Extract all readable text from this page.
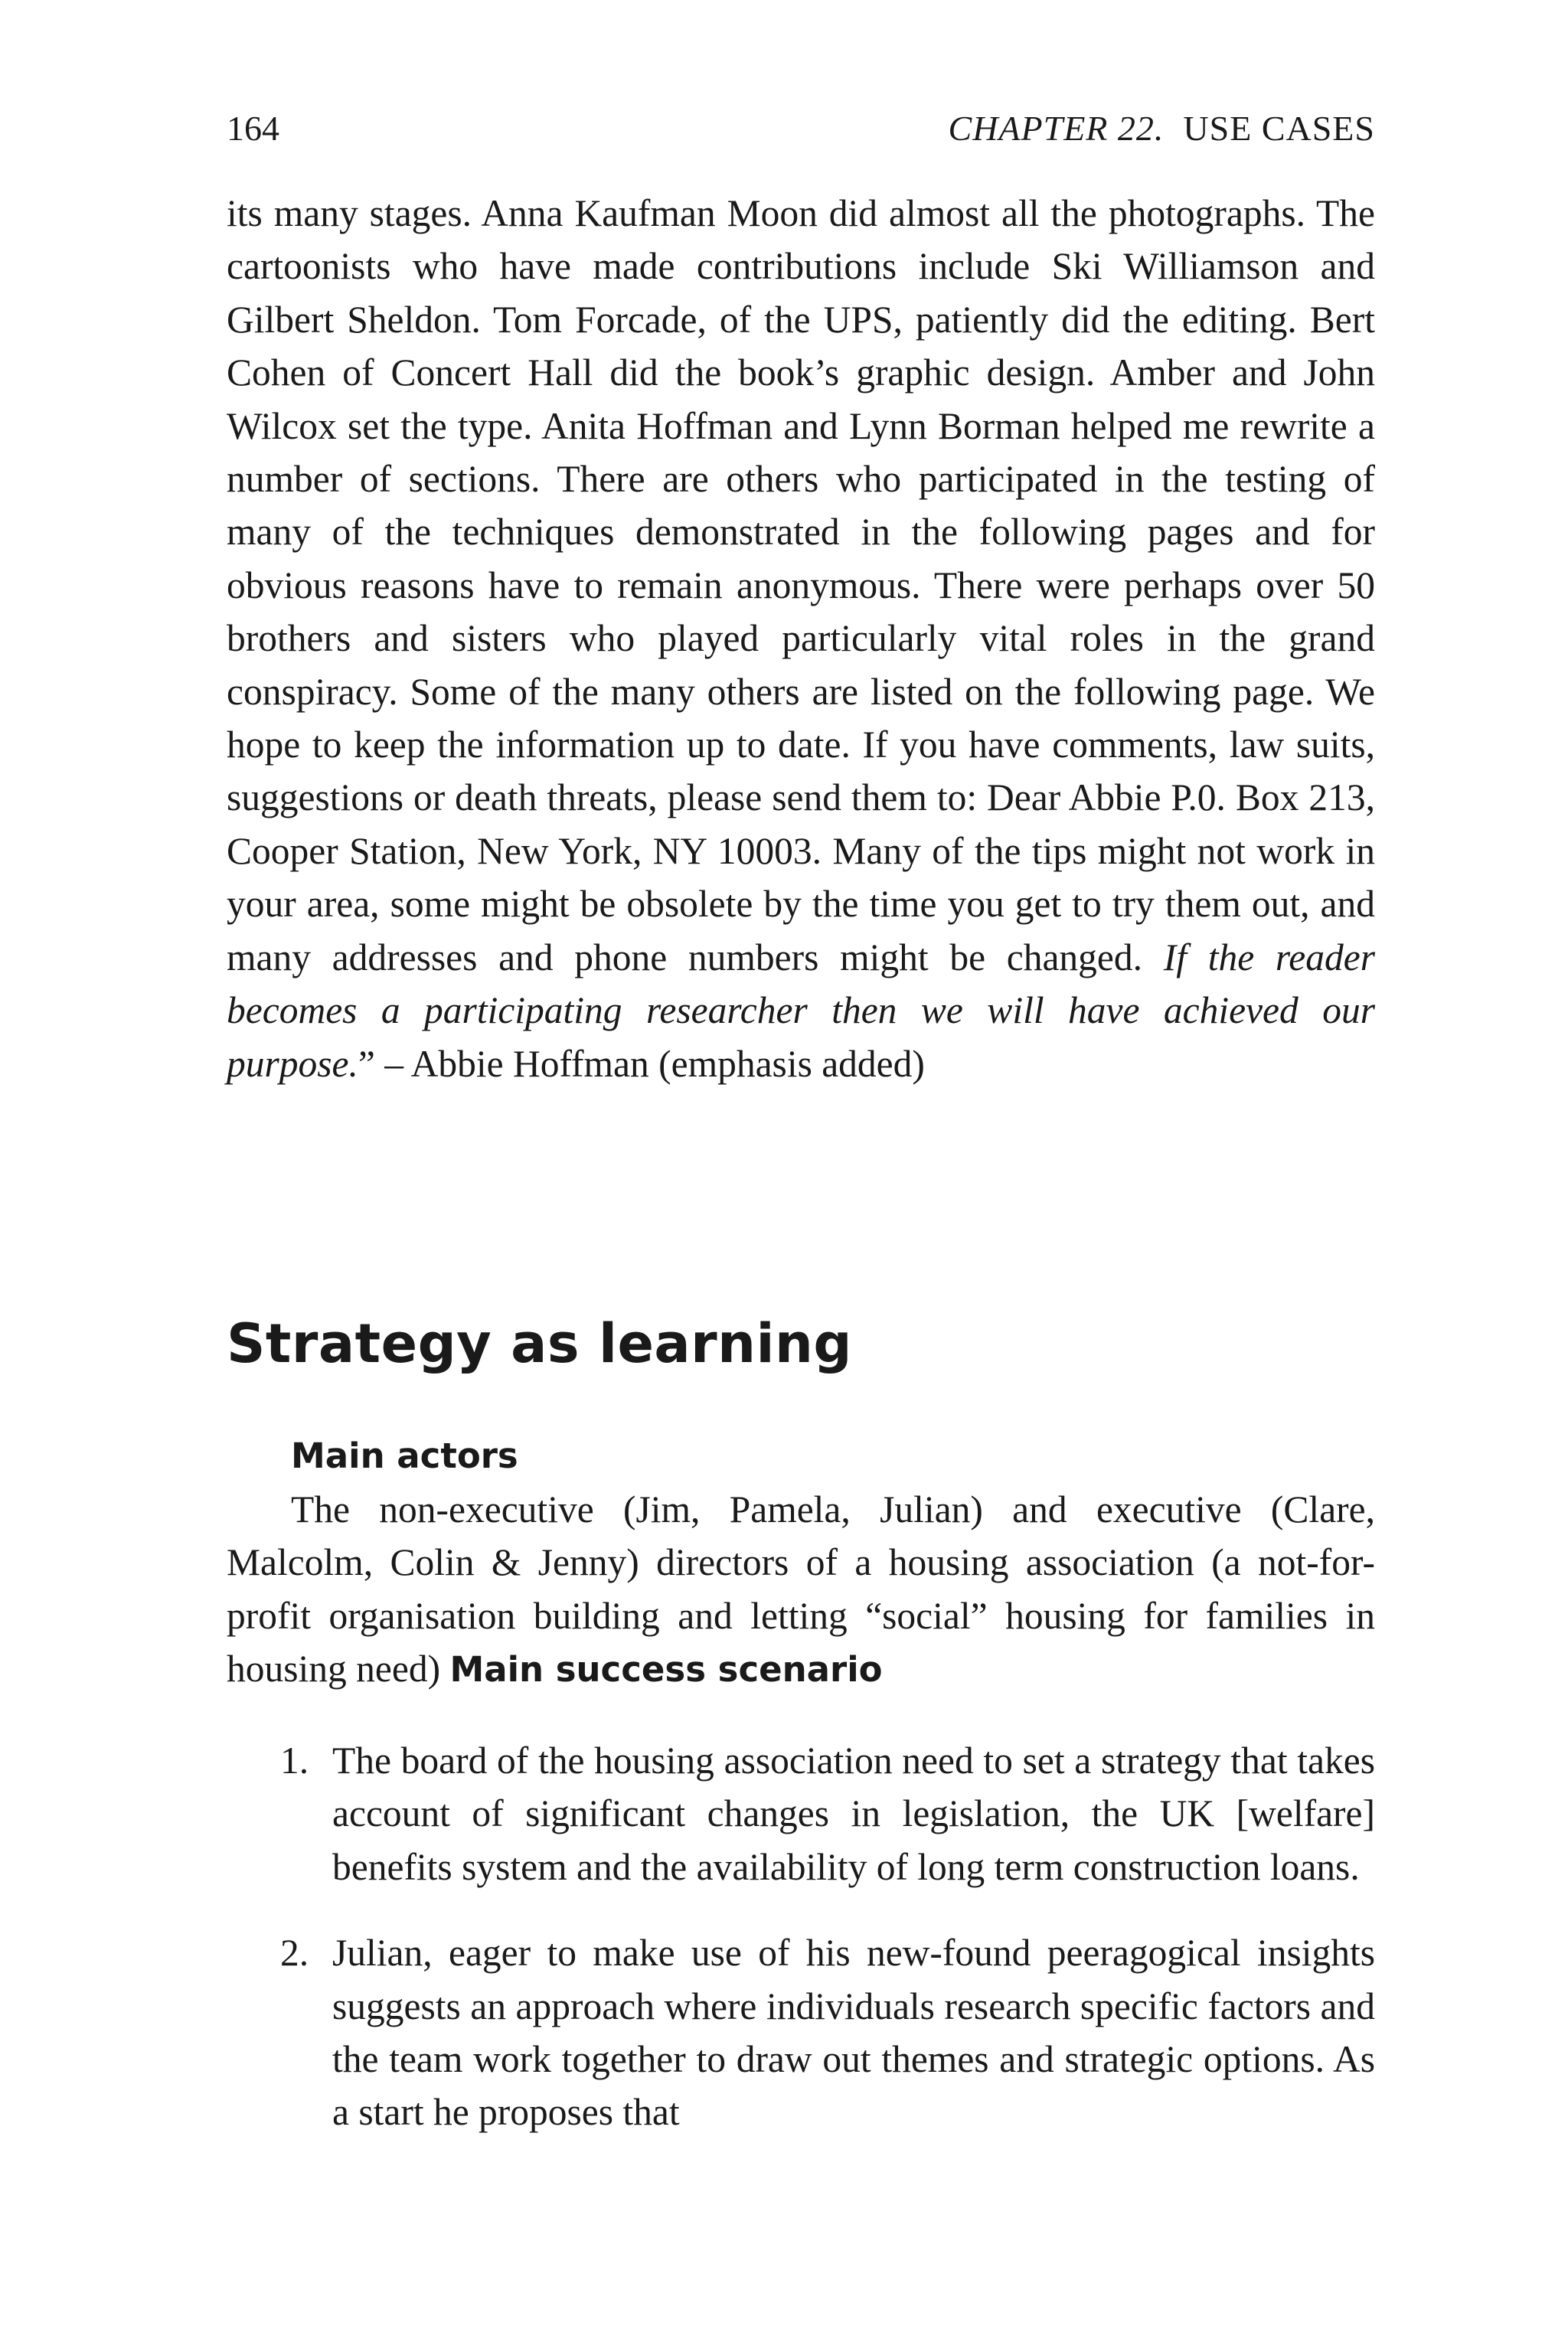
164	CHAPTER 22. USE CASES

its many stages. Anna Kaufman Moon did almost all the photographs. The cartoonists who have made contributions include Ski Williamson and Gilbert Sheldon. Tom Forcade, of the UPS, patiently did the editing. Bert Cohen of Concert Hall did the book’s graphic design. Amber and John Wilcox set the type. Anita Hoffman and Lynn Borman helped me rewrite a number of sections. There are others who participated in the testing of many of the techniques demonstrated in the following pages and for obvious reasons have to remain anonymous. There were perhaps over 50 brothers and sisters who played particularly vital roles in the grand conspiracy. Some of the many others are listed on the following page. We hope to keep the information up to date. If you have comments, law suits, suggestions or death threats, please send them to: Dear Abbie P.0. Box 213, Cooper Station, New York, NY 10003. Many of the tips might not work in your area, some might be obsolete by the time you get to try them out, and many addresses and phone numbers might be changed. If the reader becomes a participating researcher then we will have achieved our purpose.” – Abbie Hoffman (emphasis added)

Strategy as learning
Main actors

The non-executive (Jim, Pamela, Julian) and executive (Clare, Malcolm, Colin & Jenny) directors of a housing association (a not-for-profit organisation building and letting “social” housing for families in housing need) Main success scenario

1. The board of the housing association need to set a strategy that takes account of significant changes in legislation, the UK [welfare] benefits system and the availability of long term construction loans.
2. Julian, eager to make use of his new-found peeragogical insights suggests an approach where individuals research specific factors and the team work together to draw out themes and strategic options. As a start he proposes that
